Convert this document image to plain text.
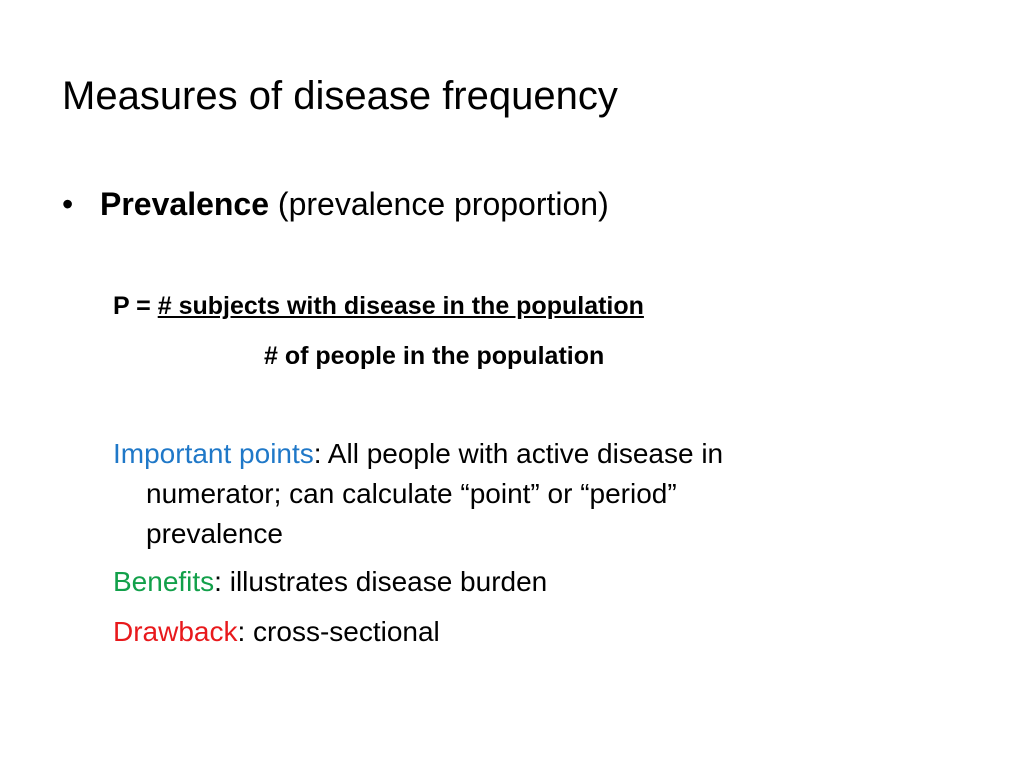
Measures of disease frequency
• Prevalence (prevalence proportion)
P = # subjects with disease in the population
# of people in the population
Important points: All people with active disease in
numerator; can calculate “point” or “period”
prevalence
Benefits: illustrates disease burden
Drawback: cross-sectional
